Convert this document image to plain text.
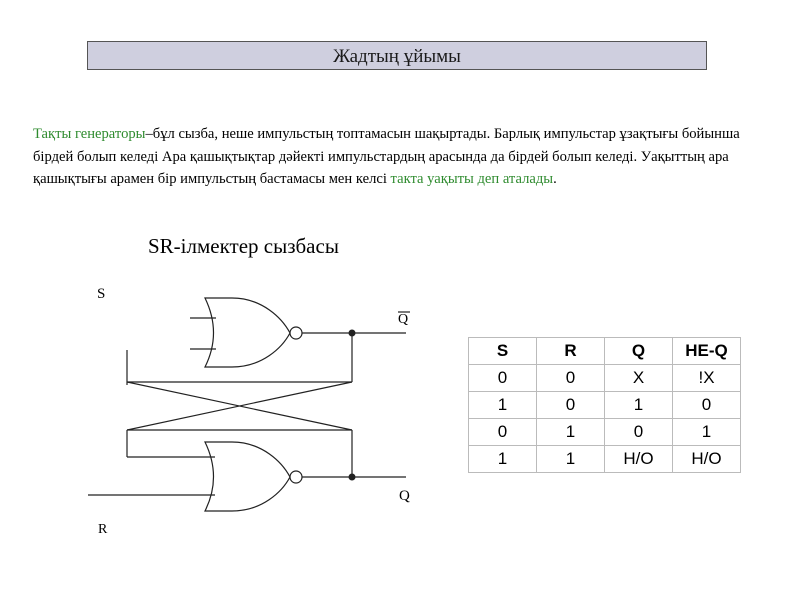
Жадтың ұйымы
Тақты генераторы–бұл сызба, неше импульстың топтамасын шақыртады. Барлық импульстар ұзақтығы бойынша бірдей болып келеді Ара қашықтықтар дәйекті импульстардың арасында да бірдей болып келеді. Уақыттың ара қашықтығы арамен бір импульстың бастамасы мен келсі такта уақыты деп аталады.
SR-ілмектер сызбасы
S
R
Q
Q
S	R	Q	НЕ-Q
0	0	X	!X
1	0	1	0
0	1	0	1
1	1	Н/О	Н/О
